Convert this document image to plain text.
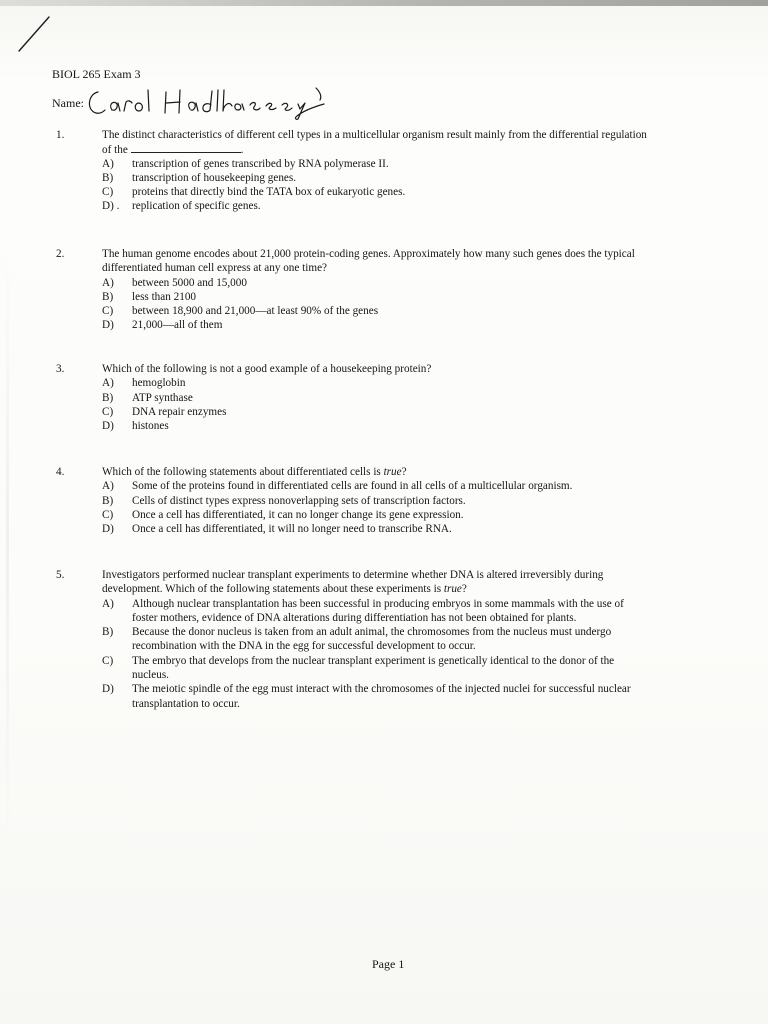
BIOL 265 Exam 3
Name:
1.	The distinct characteristics of different cell types in a multicellular organism result mainly from the differential regulation of the	.
A) transcription of genes transcribed by RNA polymerase II.
B) transcription of housekeeping genes.
C) proteins that directly bind the TATA box of eukaryotic genes.
D) . replication of specific genes.
2.	The human genome encodes about 21,000 protein-coding genes. Approximately how many such genes does the typical differentiated human cell express at any one time?
A) between 5000 and 15,000
B) less than 2100
C) between 18,900 and 21,000—at least 90% of the genes
D) 21,000—all of them
3.	Which of the following is not a good example of a housekeeping protein?
A) hemoglobin
B) ATP synthase
C) DNA repair enzymes
D) histones
4.	Which of the following statements about differentiated cells is true?
A) Some of the proteins found in differentiated cells are found in all cells of a multicellular organism.
B) Cells of distinct types express nonoverlapping sets of transcription factors.
C) Once a cell has differentiated, it can no longer change its gene expression.
D) Once a cell has differentiated, it will no longer need to transcribe RNA.
5.	Investigators performed nuclear transplant experiments to determine whether DNA is altered irreversibly during development. Which of the following statements about these experiments is true?
A) Although nuclear transplantation has been successful in producing embryos in some mammals with the use of foster mothers, evidence of DNA alterations during differentiation has not been obtained for plants.
B) Because the donor nucleus is taken from an adult animal, the chromosomes from the nucleus must undergo recombination with the DNA in the egg for successful development to occur.
C) The embryo that develops from the nuclear transplant experiment is genetically identical to the donor of the nucleus.
D) The meiotic spindle of the egg must interact with the chromosomes of the injected nuclei for successful nuclear transplantation to occur.
Page 1
